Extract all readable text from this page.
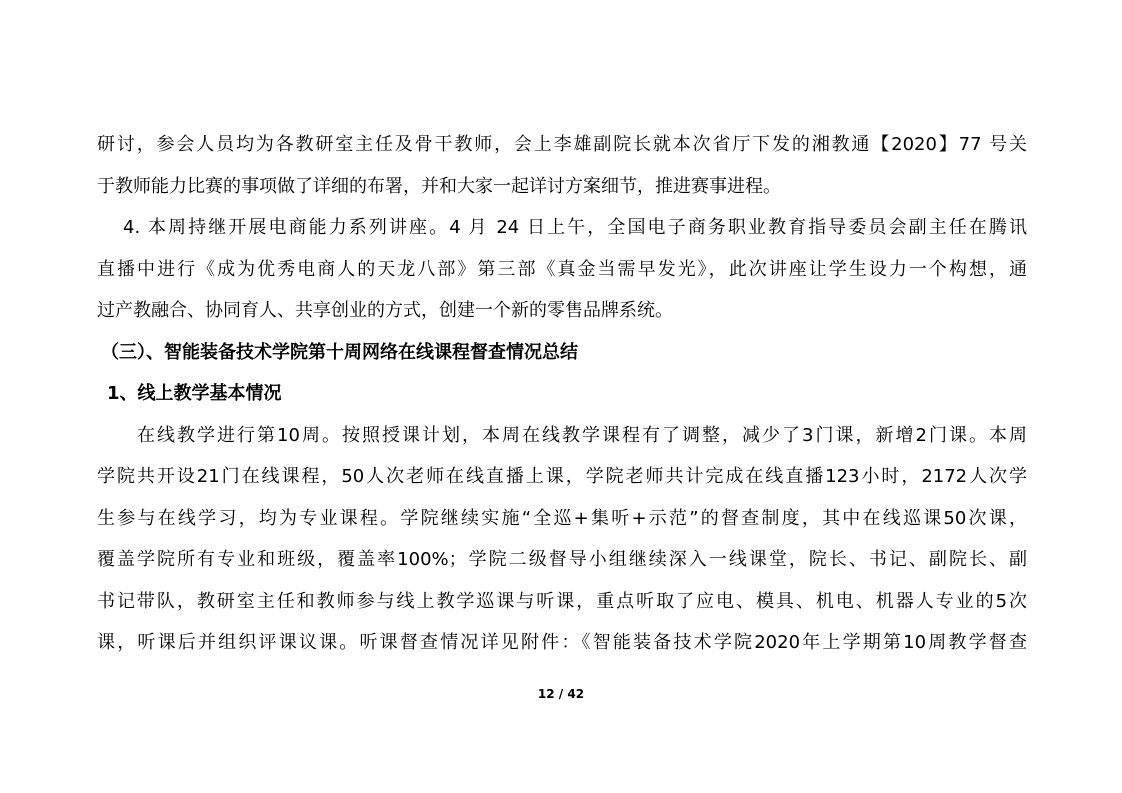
研讨，参会人员均为各教研室主任及骨干教师，会上李雄副院长就本次省厅下发的湘教通【2020】77 号关
于教师能力比赛的事项做了详细的布署，并和大家一起详讨方案细节，推进赛事进程。
4. 本周持继开展电商能力系列讲座。4 月 24 日上午，全国电子商务职业教育指导委员会副主任在腾讯
直播中进行《成为优秀电商人的天龙八部》第三部《真金当需早发光》，此次讲座让学生设力一个构想，通
过产教融合、协同育人、共享创业的方式，创建一个新的零售品牌系统。
（三）、智能装备技术学院第十周网络在线课程督查情况总结
1、线上教学基本情况
在线教学进行第10周。按照授课计划，本周在线教学课程有了调整，减少了3门课，新增2门课。本周
学院共开设21门在线课程，50人次老师在线直播上课，学院老师共计完成在线直播123小时，2172人次学
生参与在线学习，均为专业课程。学院继续实施“全巡+集听+示范”的督查制度，其中在线巡课50次课，
覆盖学院所有专业和班级，覆盖率100%；学院二级督导小组继续深入一线课堂，院长、书记、副院长、副
书记带队，教研室主任和教师参与线上教学巡课与听课，重点听取了应电、模具、机电、机器人专业的5次
课，听课后并组织评课议课。听课督查情况详见附件：《智能装备技术学院2020年上学期第10周教学督查
12 / 42
